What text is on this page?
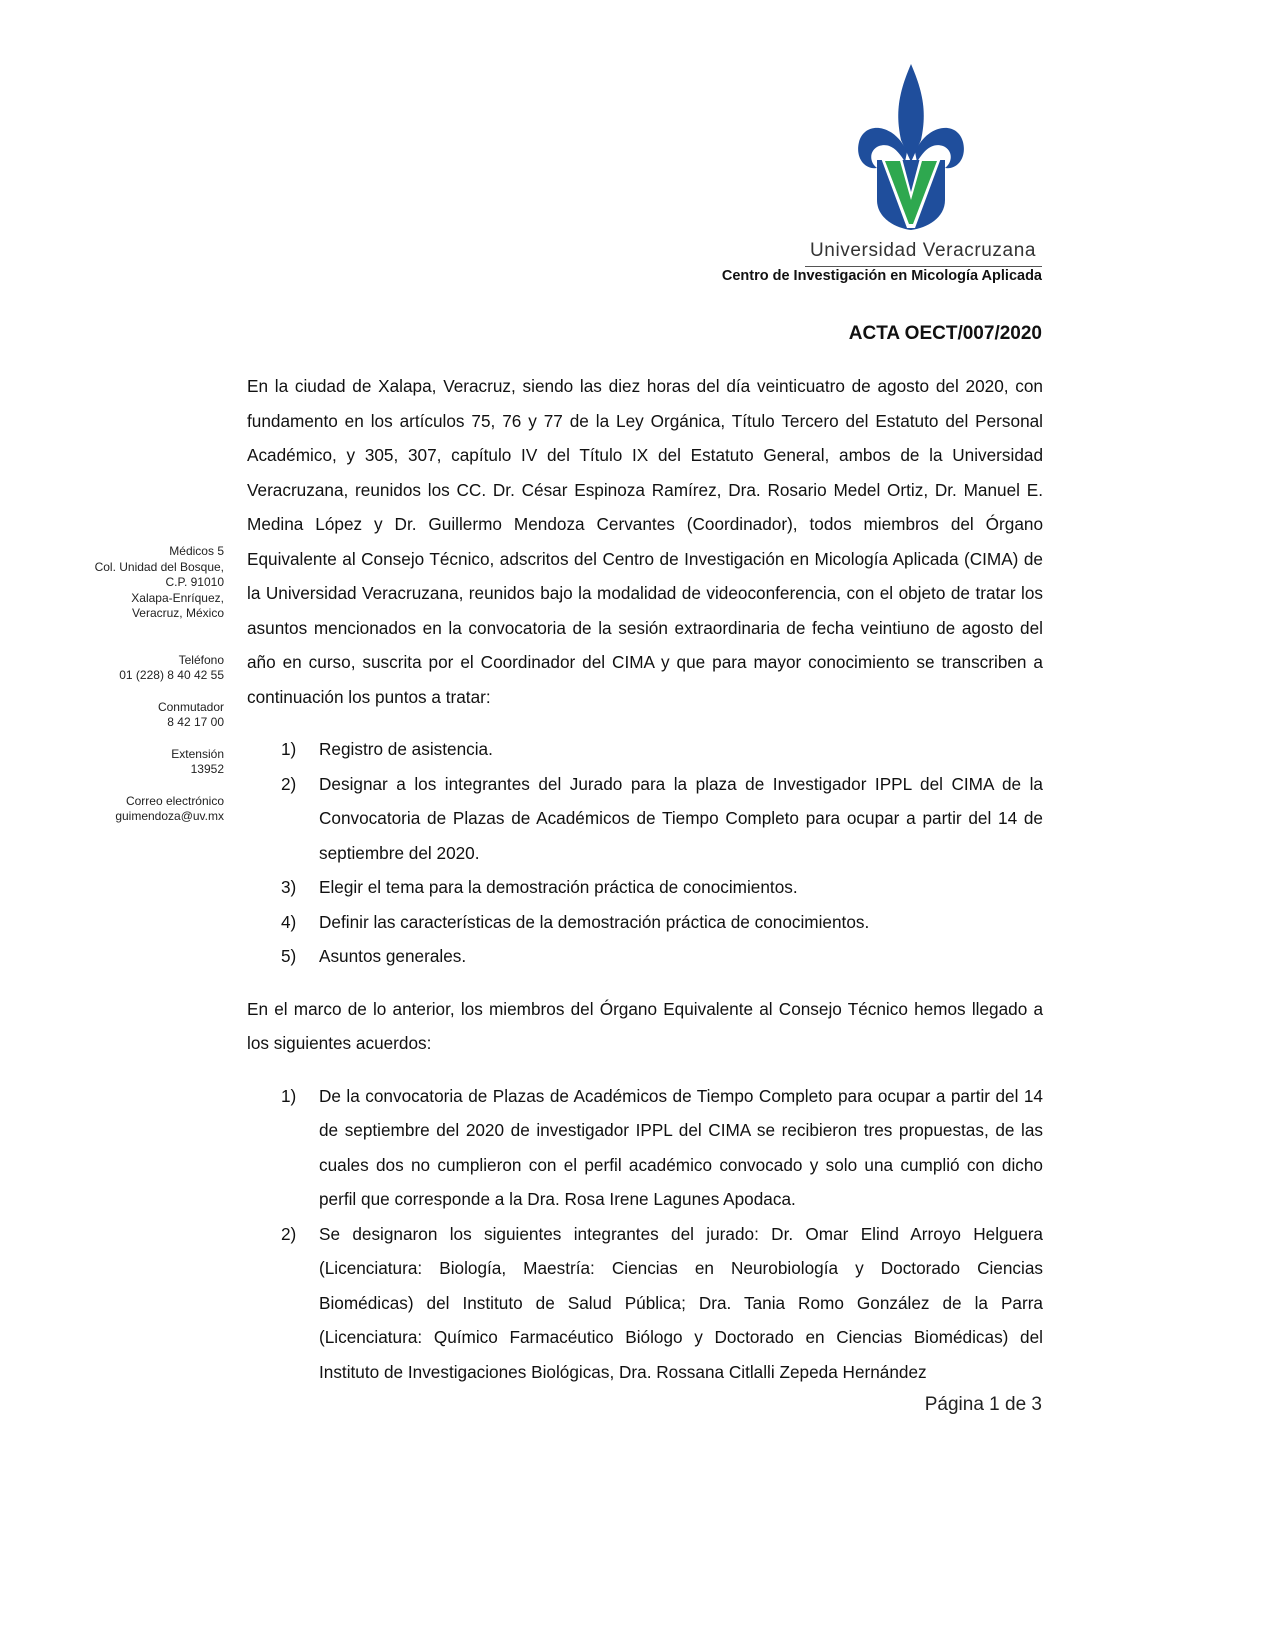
Universidad Veracruzana
Centro de Investigación en Micología Aplicada
ACTA OECT/007/2020
Médicos 5
Col. Unidad del Bosque,
C.P. 91010
Xalapa-Enríquez,
Veracruz, México
Teléfono
01 (228) 8 40 42 55
Conmutador
8 42 17 00
Extensión
13952
Correo electrónico
guimendoza@uv.mx

En la ciudad de Xalapa, Veracruz, siendo las diez horas del día veinticuatro de agosto del 2020, con fundamento en los artículos 75, 76 y 77 de la Ley Orgánica, Título Tercero del Estatuto del Personal Académico, y 305, 307, capítulo IV del Título IX del Estatuto General, ambos de la Universidad Veracruzana, reunidos los CC. Dr. César Espinoza Ramírez, Dra. Rosario Medel Ortiz, Dr. Manuel E. Medina López y Dr. Guillermo Mendoza Cervantes (Coordinador), todos miembros del Órgano Equivalente al Consejo Técnico, adscritos del Centro de Investigación en Micología Aplicada (CIMA) de la Universidad Veracruzana, reunidos bajo la modalidad de videoconferencia, con el objeto de tratar los asuntos mencionados en la convocatoria de la sesión extraordinaria de fecha veintiuno de agosto del año en curso, suscrita por el Coordinador del CIMA y que para mayor conocimiento se transcriben a continuación los puntos a tratar:

1) Registro de asistencia.
2) Designar a los integrantes del Jurado para la plaza de Investigador IPPL del CIMA de la Convocatoria de Plazas de Académicos de Tiempo Completo para ocupar a partir del 14 de septiembre del 2020.
3) Elegir el tema para la demostración práctica de conocimientos.
4) Definir las características de la demostración práctica de conocimientos.
5) Asuntos generales.

En el marco de lo anterior, los miembros del Órgano Equivalente al Consejo Técnico hemos llegado a los siguientes acuerdos:

1) De la convocatoria de Plazas de Académicos de Tiempo Completo para ocupar a partir del 14 de septiembre del 2020 de investigador IPPL del CIMA se recibieron tres propuestas, de las cuales dos no cumplieron con el perfil académico convocado y solo una cumplió con dicho perfil que corresponde a la Dra. Rosa Irene Lagunes Apodaca.
2) Se designaron los siguientes integrantes del jurado: Dr. Omar Elind Arroyo Helguera (Licenciatura: Biología, Maestría: Ciencias en Neurobiología y Doctorado Ciencias Biomédicas) del Instituto de Salud Pública; Dra. Tania Romo González de la Parra (Licenciatura: Químico Farmacéutico Biólogo y Doctorado en Ciencias Biomédicas) del Instituto de Investigaciones Biológicas, Dra. Rossana Citlalli Zepeda Hernández
Página 1 de 3
